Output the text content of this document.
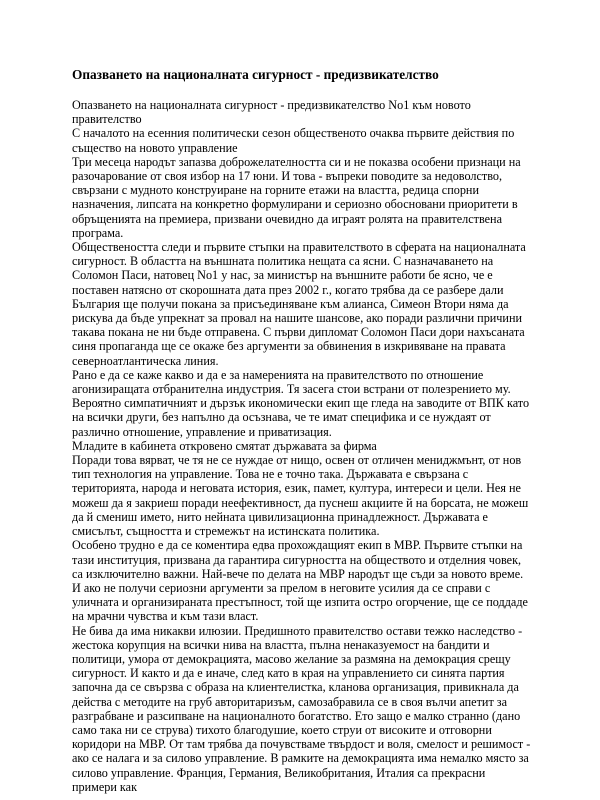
Опазването на националната сигурност - предизвикателство

Опазването на националната сигурност - предизвикателство No1 към новото правителство

С началото на есенния политически сезон общественото очаква първите действия по същество на новото управление

Три месеца народът запазва доброжелателността си и не показва особени признаци на разочарование от своя избор на 17 юни. И това - въпреки поводите за недоволство, свързани с мудното конструиране на горните етажи на властта, редица спорни назначения, липсата на конкретно формулирани и сериозно обосновани приоритети в обръщенията на премиера, призвани очевидно да играят ролята на правителствена програма.

Обществеността следи и първите стъпки на правителството в сферата на националната сигурност. В областта на външната политика нещата са ясни. С назначаването на Соломон Паси, натовец No1 у нас, за министър на външните работи бе ясно, че е поставен натясно от скорошната дата през 2002 г., когато трябва да се разбере дали България ще получи покана за присъединяване към алианса, Симеон Втори няма да рискува да бъде упрекнат за провал на нашите шансове, ако поради различни причини такава покана не ни бъде отправена. С първи дипломат Соломон Паси дори нахъсаната синя пропаганда ще се окаже без аргументи за обвинения в изкривяване на правата севернoатлантическа линия.

Рано е да се каже какво и да е за намеренията на правителството по отношение агонизиращата отбранителна индустрия. Тя засега стои встрани от полезрението му.

Вероятно симпатичният и дързък икономически екип ще гледа на заводите от ВПК като на всички други, без напълно да осъзнава, че те имат специфика и се нуждаят от различно отношение, управление и приватизация.

Младите в кабинета откровено смятат държавата за фирма

Поради това вярват, че тя не се нуждае от нищо, освен от отличен мениджмънт, от нов тип технология на управление. Това не е точно така. Държавата е свързана с територията, народа и неговата история, език, памет, култура, интереси и цели. Нея не можеш да я закриеш поради неефективност, да пуснеш акциите й на борсата, не можеш да й смениш името, нито нейната цивилизационна принадлежност. Държавата е смисълът, същността и стремежът на истинската политика.

Особено трудно е да се коментира едва прохождащият екип в МВР. Първите стъпки на тази институция, призвана да гарантира сигурността на обществото и отделния човек, са изключително важни. Най-вече по делата на МВР народът ще съди за новото време. И ако не получи сериозни аргументи за прелом в неговите усилия да се справи с уличната и организираната престъпност, той ще изпита остро огорчение, ще се поддаде на мрачни чувства и към тази власт.

Не бива да има никакви илюзии. Предишното правителство остави тежко наследство - жестока корупция на всички нива на властта, пълна ненаказуемост на бандити и политици, умора от демокрацията, масово желание за размяна на демокрация срещу сигурност. И както и да е иначе, след като в края на управлението си синята партия започна да се свързва с образа на клиентелистка, кланова организация, привикнала да действа с методите на груб авторитаризъм, самозабравила се в своя вълчи апетит за разграбване и разсипване на националното богатство. Ето защо е малко странно (дано само така ни се струва) тихото благодушие, което струи от високите и отговорни коридори на МВР. От там трябва да почувстваме твърдост и воля, смелост и решимост - ако се налага и за силово управление. В рамките на демокрацията има немалко място за силово управление. Франция, Германия, Великобритания, Италия са прекрасни примери как
